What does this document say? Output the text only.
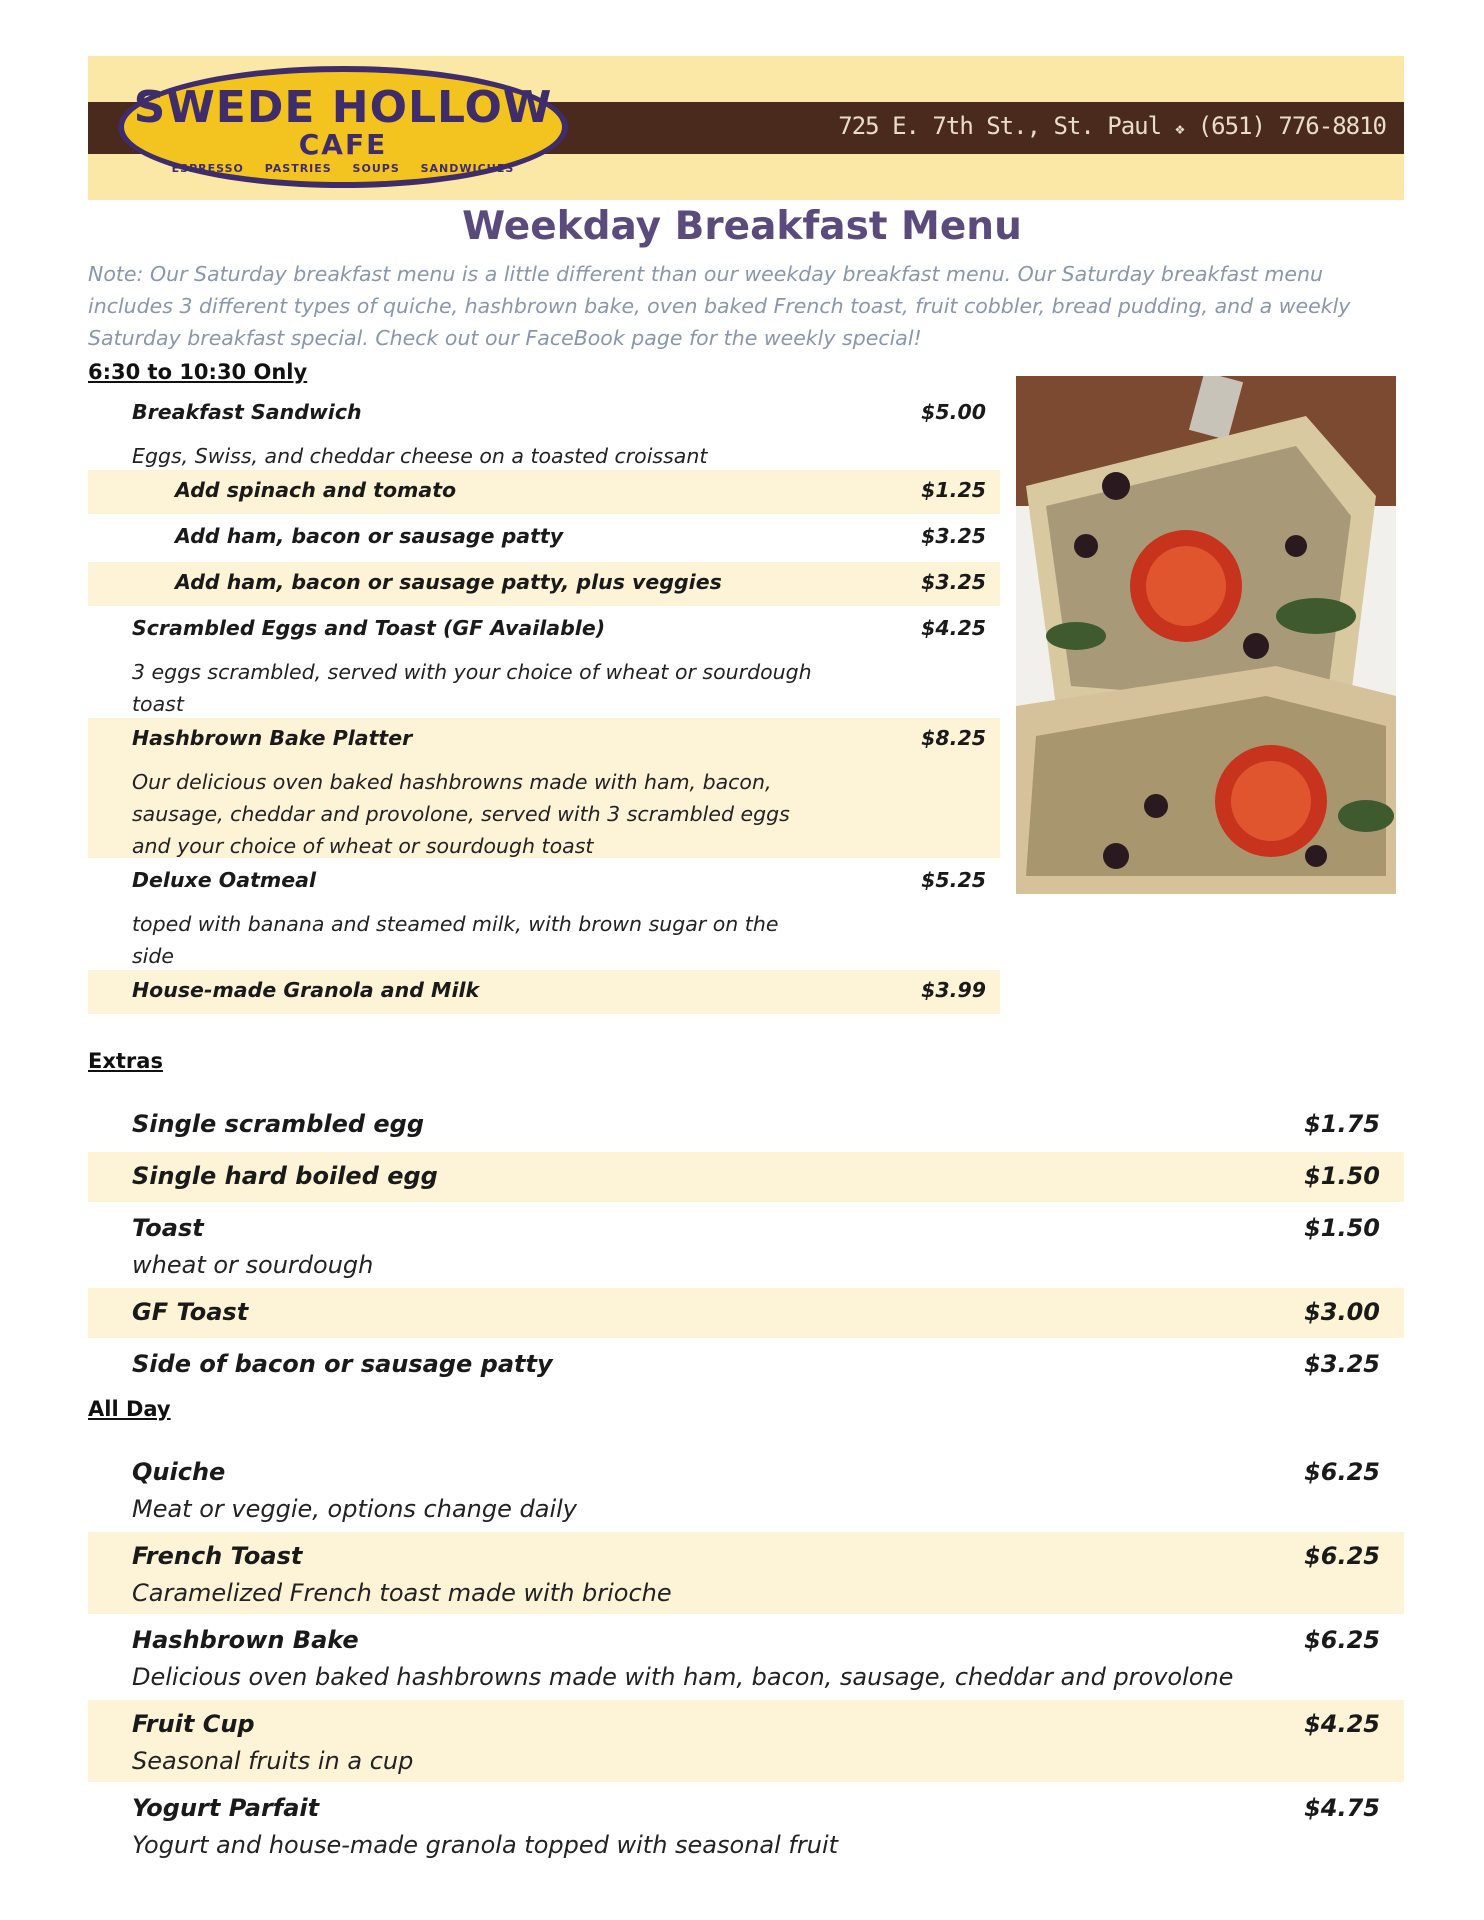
SWEDE HOLLOW
CAFE
ESPRESSO PASTRIES SOUPS SANDWICHES
725 E. 7th St., St. Paul ❖ (651) 776-8810
Weekday Breakfast Menu
Note: Our Saturday breakfast menu is a little different than our weekday breakfast menu. Our Saturday breakfast menu includes 3 different types of quiche, hashbrown bake, oven baked French toast, fruit cobbler, bread pudding, and a weekly Saturday breakfast special. Check out our FaceBook page for the weekly special!
6:30 to 10:30 Only
Breakfast Sandwich	$5.00
Eggs, Swiss, and cheddar cheese on a toasted croissant
Add spinach and tomato	$1.25
Add ham, bacon or sausage patty	$3.25
Add ham, bacon or sausage patty, plus veggies	$3.25
Scrambled Eggs and Toast (GF Available)	$4.25
3 eggs scrambled, served with your choice of wheat or sourdough
toast
Hashbrown Bake Platter	$8.25
Our delicious oven baked hashbrowns made with ham, bacon,
sausage, cheddar and provolone, served with 3 scrambled eggs
and your choice of wheat or sourdough toast
Deluxe Oatmeal	$5.25
toped with banana and steamed milk, with brown sugar on the
side
House-made Granola and Milk	$3.99
Extras
Single scrambled egg	$1.75
Single hard boiled egg	$1.50
Toast	$1.50
wheat or sourdough
GF Toast	$3.00
Side of bacon or sausage patty	$3.25
All Day
Quiche	$6.25
Meat or veggie, options change daily
French Toast	$6.25
Caramelized French toast made with brioche
Hashbrown Bake	$6.25
Delicious oven baked hashbrowns made with ham, bacon, sausage, cheddar and provolone
Fruit Cup	$4.25
Seasonal fruits in a cup
Yogurt Parfait	$4.75
Yogurt and house-made granola topped with seasonal fruit
